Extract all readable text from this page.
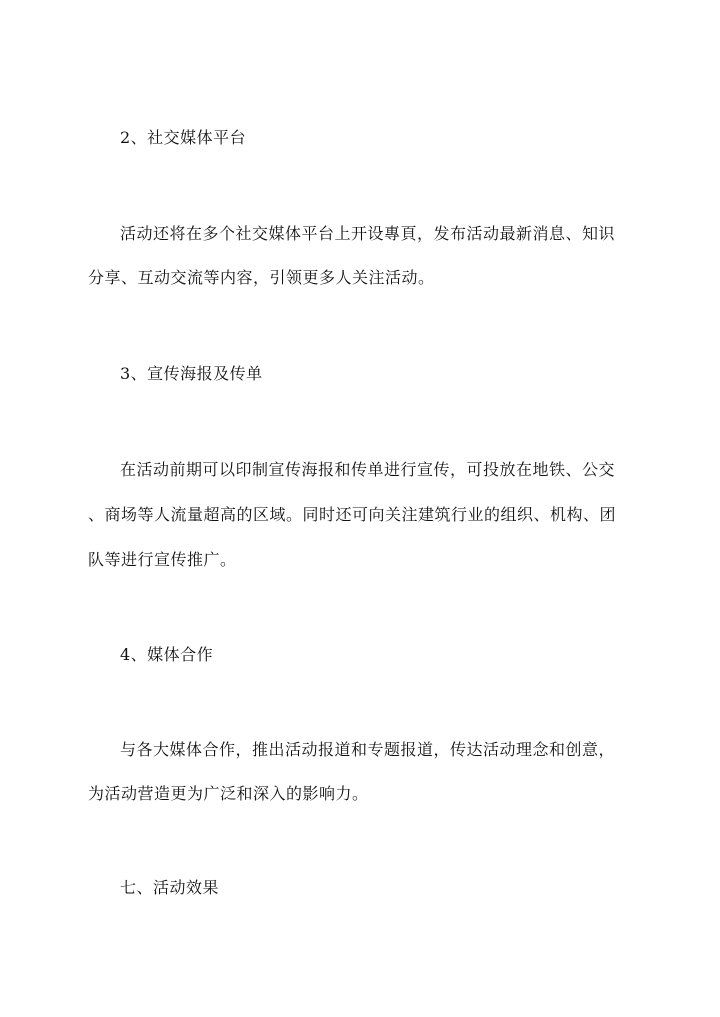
2、社交媒体平台
活动还将在多个社交媒体平台上开设專頁，发布活动最新消息、知识
分享、互动交流等内容，引领更多人关注活动。
3、宣传海报及传单
在活动前期可以印制宣传海报和传单进行宣传，可投放在地铁、公交
、商场等人流量超高的区域。同时还可向关注建筑行业的组织、机构、团
队等进行宣传推广。
4、媒体合作
与各大媒体合作，推出活动报道和专题报道，传达活动理念和创意，
为活动营造更为广泛和深入的影响力。
七、活动效果
